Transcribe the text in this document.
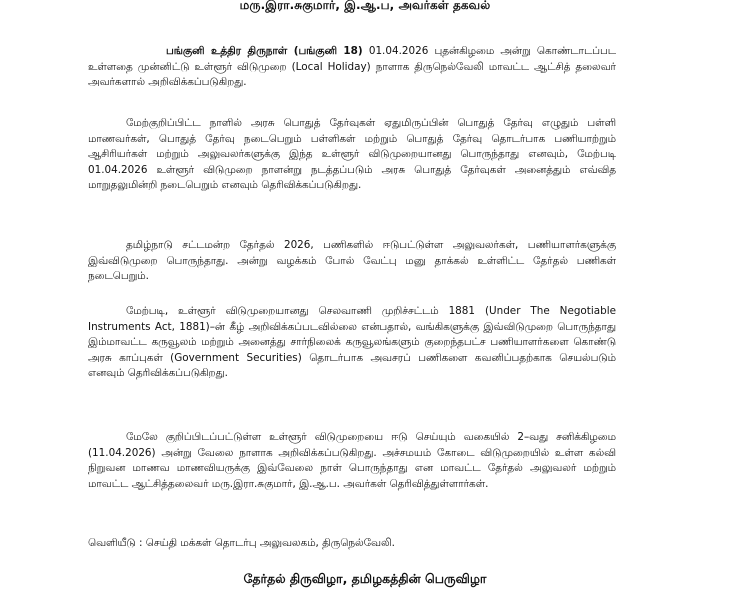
மரு.இரா.சுகுமார், இ.ஆ.ப, அவர்கள் தகவல்

பங்குனி உத்திர திருநாள் (பங்குனி 18) 01.04.2026 புதன்கிழமை அன்று கொண்டாடப்பட உள்ளதை முன்னிட்டு உள்ளூர் விடுமுறை (Local Holiday) நாளாக திருநெல்வேலி மாவட்ட ஆட்சித் தலைவர் அவர்களால் அறிவிக்கப்படுகிறது.

மேற்குறிப்பிட்ட நாளில் அரசு பொதுத் தேர்வுகள் ஏதுமிருப்பின் பொதுத் தேர்வு எழுதும் பள்ளி மாணவர்கள், பொதுத் தேர்வு நடைபெறும் பள்ளிகள் மற்றும் பொதுத் தேர்வு தொடர்பாக பணியாற்றும் ஆசிரியர்கள் மற்றும் அலுவலர்களுக்கு இந்த உள்ளூர் விடுமுறையானது பொருந்தாது எனவும், மேற்படி 01.04.2026 உள்ளூர் விடுமுறை நாளன்று நடத்தப்படும் அரசு பொதுத் தேர்வுகள் அனைத்தும் எவ்வித மாறுதலுமின்றி நடைபெறும் எனவும் தெரிவிக்கப்படுகிறது.

தமிழ்நாடு சட்டமன்ற தேர்தல் 2026, பணிகளில் ஈடுபட்டுள்ள அலுவலர்கள், பணியாளர்களுக்கு இவ்விடுமுறை பொருந்தாது. அன்று வழக்கம் போல் வேட்பு மனு தாக்கல் உள்ளிட்ட தேர்தல் பணிகள் நடைபெறும்.

மேற்படி, உள்ளூர் விடுமுறையானது செலவாணி முறிச்சட்டம் 1881 (Under The Negotiable Instruments Act, 1881)–ன் கீழ் அறிவிக்கப்படவில்லை என்பதால், வங்கிகளுக்கு இவ்விடுமுறை பொருந்தாது இம்மாவட்ட கருவூலம் மற்றும் அனைத்து சார்நிலைக் கருவூலங்களும் குறைந்தபட்ச பணியாளர்களை கொண்டு அரசு காப்புகள் (Government Securities) தொடர்பாக அவசரப் பணிகளை கவனிப்பதற்காக செயல்படும் எனவும் தெரிவிக்கப்படுகிறது.

மேலே குறிப்பிடப்பட்டுள்ள உள்ளூர் விடுமுறையை ஈடு செய்யும் வகையில் 2–வது சனிக்கிழமை (11.04.2026) அன்று வேலை நாளாக அறிவிக்கப்படுகிறது. அச்சமயம் கோடை விடுமுறையில் உள்ள கல்வி நிறுவன மாணவ மாணவியருக்கு இவ்வேலை நாள் பொருந்தாது என மாவட்ட தேர்தல் அலுவலர் மற்றும் மாவட்ட ஆட்சித்தலைவர் மரு.இரா.சுகுமார், இ.ஆ.ப. அவர்கள் தெரிவித்துள்ளார்கள்.

வெளியீடு : செய்தி மக்கள் தொடர்பு அலுவலகம், திருநெல்வேலி.

தேர்தல் திருவிழா, தமிழகத்தின் பெருவிழா
